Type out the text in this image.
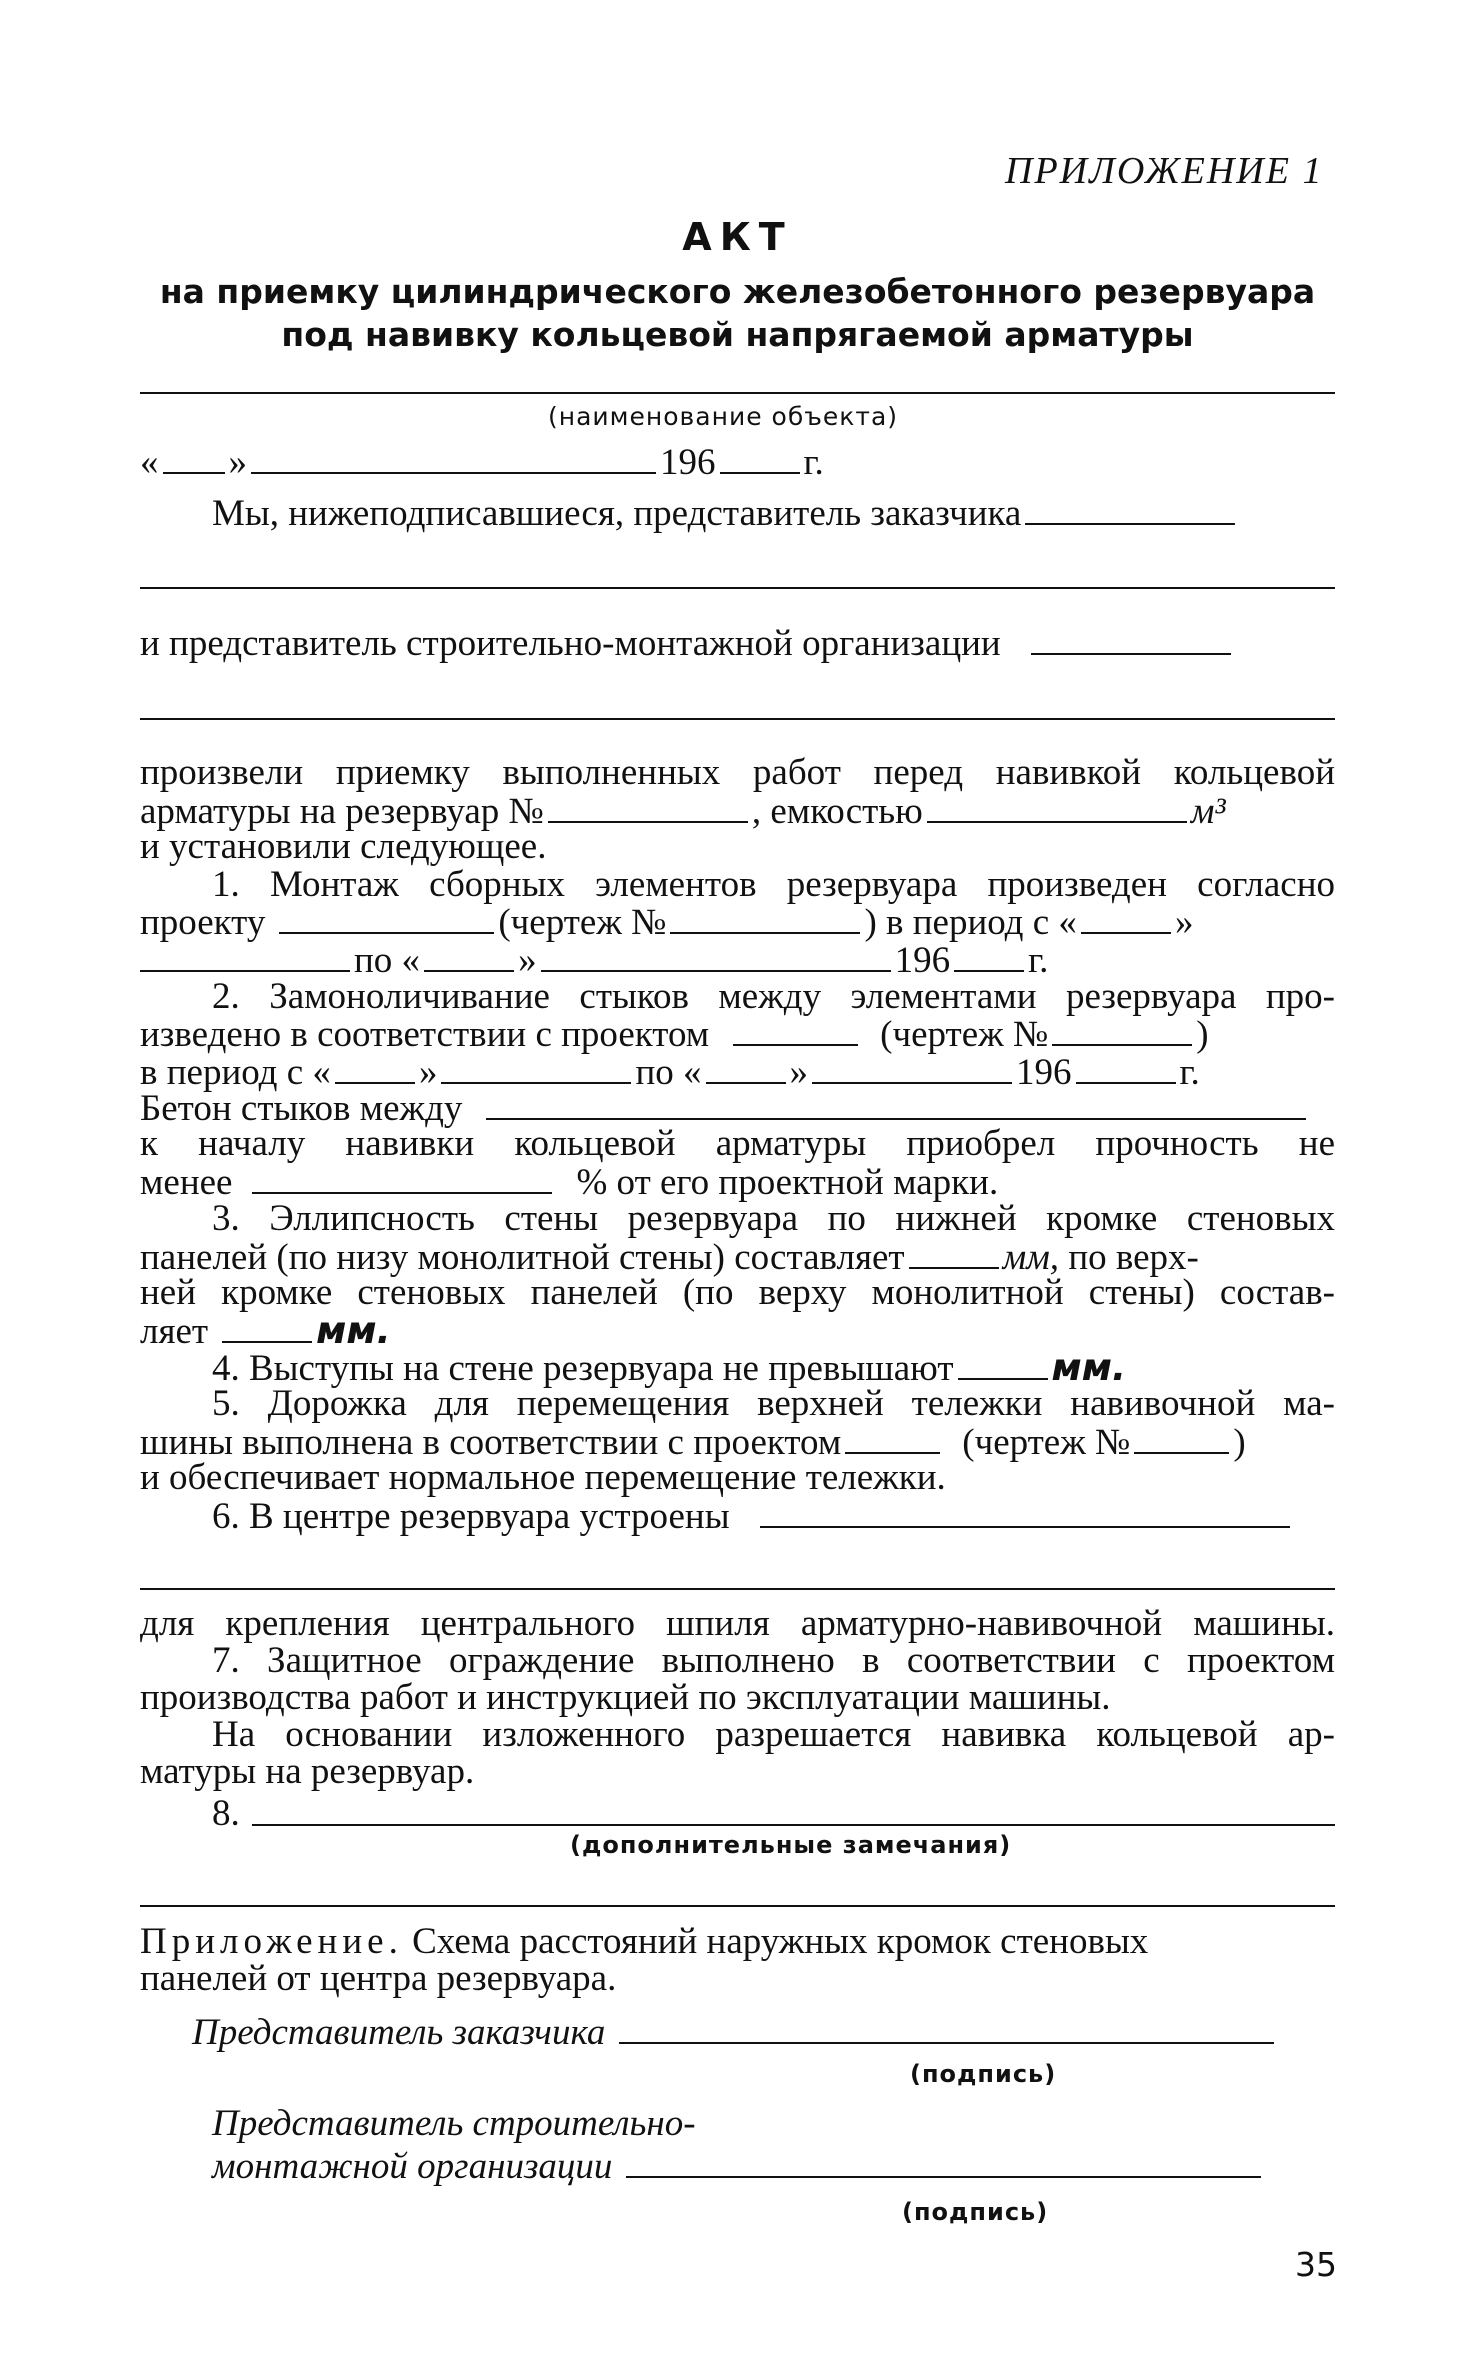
ПРИЛОЖЕНИЕ 1
АКТ
на приемку цилиндрического железобетонного резервуара
под навивку кольцевой напрягаемой арматуры
(наименование объекта)
« »	196 г.
Мы, нижеподписавшиеся, представитель заказчика
и представитель строительно-монтажной организации
произвели приемку выполненных работ перед навивкой кольцевой
арматуры на резервуар №	, емкостью	м³
и установили следующее.
1. Монтаж сборных элементов резервуара произведен согласно
проекту	(чертеж №	) в период с «	»
по «	»	196 г.
2. Замоноличивание стыков между элементами резервуара про-
изведено в соответствии с проектом	(чертеж №	)
в период с « »	по « »	196	г.
Бетон стыков между
к началу навивки кольцевой арматуры приобрел прочность не
менее	% от его проектной марки.
3. Эллипсность стены резервуара по нижней кромке стеновых
панелей (по низу монолитной стены) составляет	мм, по верх-
ней кромке стеновых панелей (по верху монолитной стены) состав-
ляет	мм.
4. Выступы на стене резервуара не превышают	мм.
5. Дорожка для перемещения верхней тележки навивочной ма-
шины выполнена в соответствии с проектом	(чертеж №	)
и обеспечивает нормальное перемещение тележки.
6. В центре резервуара устроены
для крепления центрального шпиля арматурно-навивочной машины.
7. Защитное ограждение выполнено в соответствии с проектом
производства работ и инструкцией по эксплуатации машины.
На основании изложенного разрешается навивка кольцевой ар-
матуры на резервуар.
8.
(дополнительные замечания)
Приложение. Схема расстояний наружных кромок стеновых
панелей от центра резервуара.
Представитель заказчика
(подпись)
Представитель строительно-
монтажной организации
(подпись)
35
